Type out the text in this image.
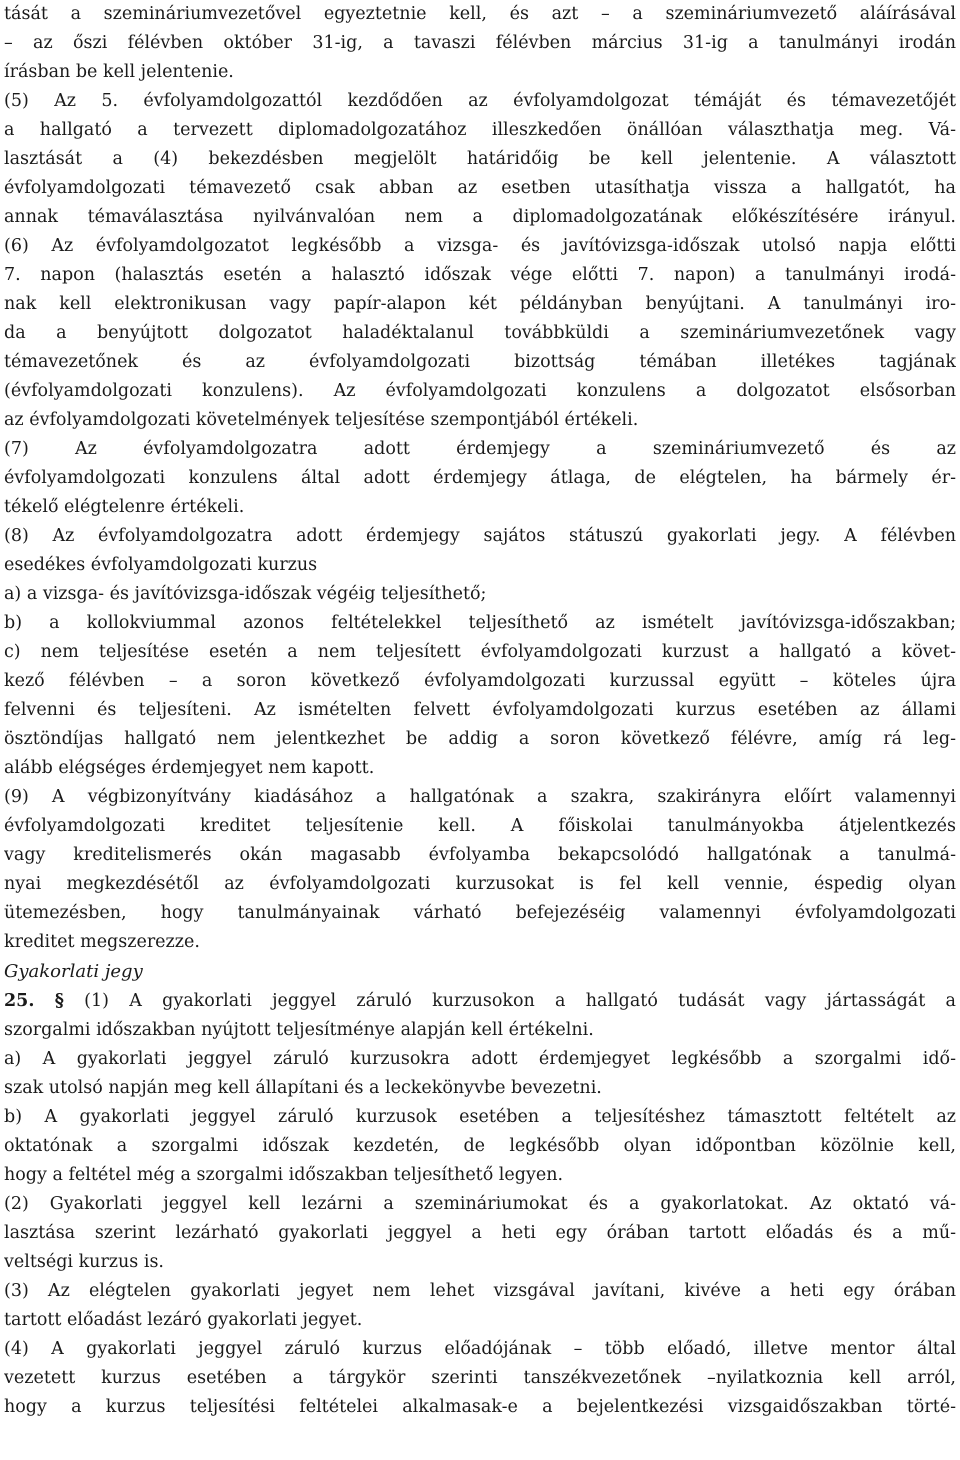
tását a szemináriumvezetővel egyeztetnie kell, és azt – a szemináriumvezető aláírásával
– az őszi félévben október 31-ig, a tavaszi félévben március 31-ig a tanulmányi irodán
írásban be kell jelentenie.
(5) Az 5. évfolyamdolgozattól kezdődően az évfolyamdolgozat témáját és témavezetőjét
a hallgató a tervezett diplomadolgozatához illeszkedően önállóan választhatja meg. Vá-
lasztását a (4) bekezdésben megjelölt határidőig be kell jelentenie. A választott
évfolyamdolgozati témavezető csak abban az esetben utasíthatja vissza a hallgatót, ha
annak témaválasztása nyilvánvalóan nem a diplomadolgozatának előkészítésére irányul.
(6) Az évfolyamdolgozatot legkésőbb a vizsga- és javítóvizsga-időszak utolsó napja előtti
7. napon (halasztás esetén a halasztó időszak vége előtti 7. napon) a tanulmányi irodá-
nak kell elektronikusan vagy papír-alapon két példányban benyújtani. A tanulmányi iro-
da a benyújtott dolgozatot haladéktalanul továbbküldi a szemináriumvezetőnek vagy
témavezetőnek és az évfolyamdolgozati bizottság témában illetékes tagjának
(évfolyamdolgozati konzulens). Az évfolyamdolgozati konzulens a dolgozatot elsősorban
az évfolyamdolgozati követelmények teljesítése szempontjából értékeli.
(7) Az évfolyamdolgozatra adott érdemjegy a szemináriumvezető és az
évfolyamdolgozati konzulens által adott érdemjegy átlaga, de elégtelen, ha bármely ér-
tékelő elégtelenre értékeli.
(8) Az évfolyamdolgozatra adott érdemjegy sajátos státuszú gyakorlati jegy. A félévben
esedékes évfolyamdolgozati kurzus
a) a vizsga- és javítóvizsga-időszak végéig teljesíthető;
b) a kollokviummal azonos feltételekkel teljesíthető az ismételt javítóvizsga-időszakban;
c) nem teljesítése esetén a nem teljesített évfolyamdolgozati kurzust a hallgató a követ-
kező félévben – a soron következő évfolyamdolgozati kurzussal együtt – köteles újra
felvenni és teljesíteni. Az ismételten felvett évfolyamdolgozati kurzus esetében az állami
ösztöndíjas hallgató nem jelentkezhet be addig a soron következő félévre, amíg rá leg-
alább elégséges érdemjegyet nem kapott.
(9) A végbizonyítvány kiadásához a hallgatónak a szakra, szakirányra előírt valamennyi
évfolyamdolgozati kreditet teljesítenie kell. A főiskolai tanulmányokba átjelentkezés
vagy kreditelismerés okán magasabb évfolyamba bekapcsolódó hallgatónak a tanulmá-
nyai megkezdésétől az évfolyamdolgozati kurzusokat is fel kell vennie, éspedig olyan
ütemezésben, hogy tanulmányainak várható befejezéséig valamennyi évfolyamdolgozati
kreditet megszerezze.
Gyakorlati jegy
25. § (1) A gyakorlati jeggyel záruló kurzusokon a hallgató tudását vagy jártasságát a
szorgalmi időszakban nyújtott teljesítménye alapján kell értékelni.
a) A gyakorlati jeggyel záruló kurzusokra adott érdemjegyet legkésőbb a szorgalmi idő-
szak utolsó napján meg kell állapítani és a leckekönyvbe bevezetni.
b) A gyakorlati jeggyel záruló kurzusok esetében a teljesítéshez támasztott feltételt az
oktatónak a szorgalmi időszak kezdetén, de legkésőbb olyan időpontban közölnie kell,
hogy a feltétel még a szorgalmi időszakban teljesíthető legyen.
(2) Gyakorlati jeggyel kell lezárni a szemináriumokat és a gyakorlatokat. Az oktató vá-
lasztása szerint lezárható gyakorlati jeggyel a heti egy órában tartott előadás és a mű-
veltségi kurzus is.
(3) Az elégtelen gyakorlati jegyet nem lehet vizsgával javítani, kivéve a heti egy órában
tartott előadást lezáró gyakorlati jegyet.
(4) A gyakorlati jeggyel záruló kurzus előadójának – több előadó, illetve mentor által
vezetett kurzus esetében a tárgykör szerinti tanszékvezetőnek –nyilatkoznia kell arról,
hogy a kurzus teljesítési feltételei alkalmasak-e a bejelentkezési vizsgaidőszakban törté-
